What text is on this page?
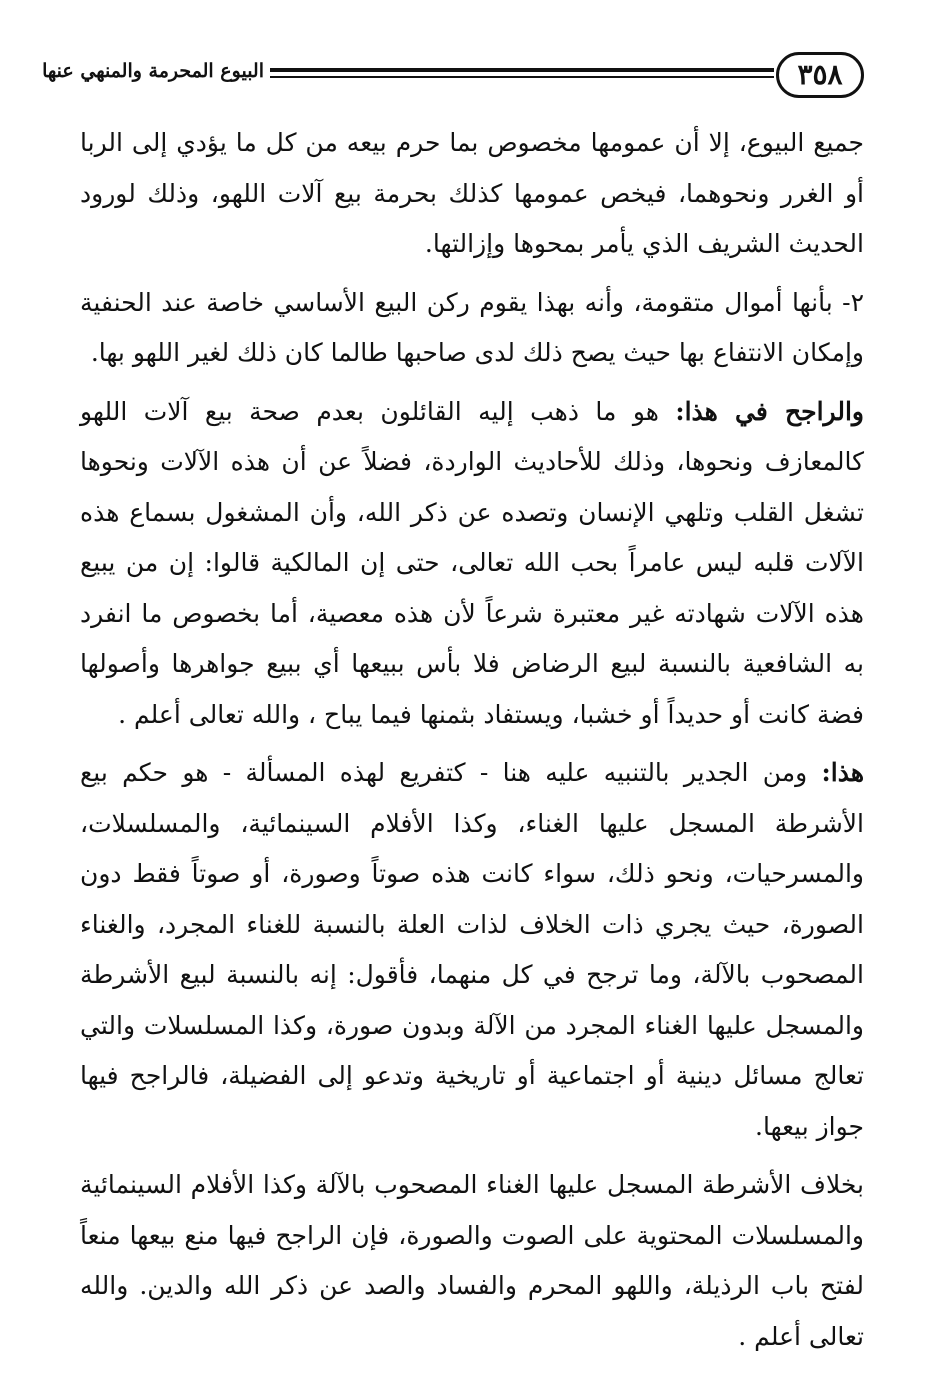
٣٥٨
البيوع المحرمة والمنهي عنها

جميع البيوع، إلا أن عمومها مخصوص بما حرم بيعه من كل ما يؤدي إلى الربا أو الغرر ونحوهما، فيخص عمومها كذلك بحرمة بيع آلات اللهو، وذلك لورود الحديث الشريف الذي يأمر بمحوها وإزالتها.

٢- بأنها أموال متقومة، وأنه بهذا يقوم ركن البيع الأساسي خاصة عند الحنفية وإمكان الانتفاع بها حيث يصح ذلك لدى صاحبها طالما كان ذلك لغير اللهو بها.

والراجح في هذا: هو ما ذهب إليه القائلون بعدم صحة بيع آلات اللهو كالمعازف ونحوها، وذلك للأحاديث الواردة، فضلاً عن أن هذه الآلات ونحوها تشغل القلب وتلهي الإنسان وتصده عن ذكر الله، وأن المشغول بسماع هذه الآلات قلبه ليس عامراً بحب الله تعالى، حتى إن المالكية قالوا: إن من يبيع هذه الآلات شهادته غير معتبرة شرعاً لأن هذه معصية، أما بخصوص ما انفرد به الشافعية بالنسبة لبيع الرضاض فلا بأس ببيعها أي ببيع جواهرها وأصولها فضة كانت أو حديداً أو خشبا، ويستفاد بثمنها فيما يباح ، والله تعالى أعلم .

هذا: ومن الجدير بالتنبيه عليه هنا - كتفريع لهذه المسألة - هو حكم بيع الأشرطة المسجل عليها الغناء، وكذا الأفلام السينمائية، والمسلسلات، والمسرحيات، ونحو ذلك، سواء كانت هذه صوتاً وصورة، أو صوتاً فقط دون الصورة، حيث يجري ذات الخلاف لذات العلة بالنسبة للغناء المجرد، والغناء المصحوب بالآلة، وما ترجح في كل منهما، فأقول: إنه بالنسبة لبيع الأشرطة والمسجل عليها الغناء المجرد من الآلة وبدون صورة، وكذا المسلسلات والتي تعالج مسائل دينية أو اجتماعية أو تاريخية وتدعو إلى الفضيلة، فالراجح فيها جواز بيعها.

بخلاف الأشرطة المسجل عليها الغناء المصحوب بالآلة وكذا الأفلام السينمائية والمسلسلات المحتوية على الصوت والصورة، فإن الراجح فيها منع بيعها منعاً لفتح باب الرذيلة، واللهو المحرم والفساد والصد عن ذكر الله والدين. والله تعالى أعلم .
